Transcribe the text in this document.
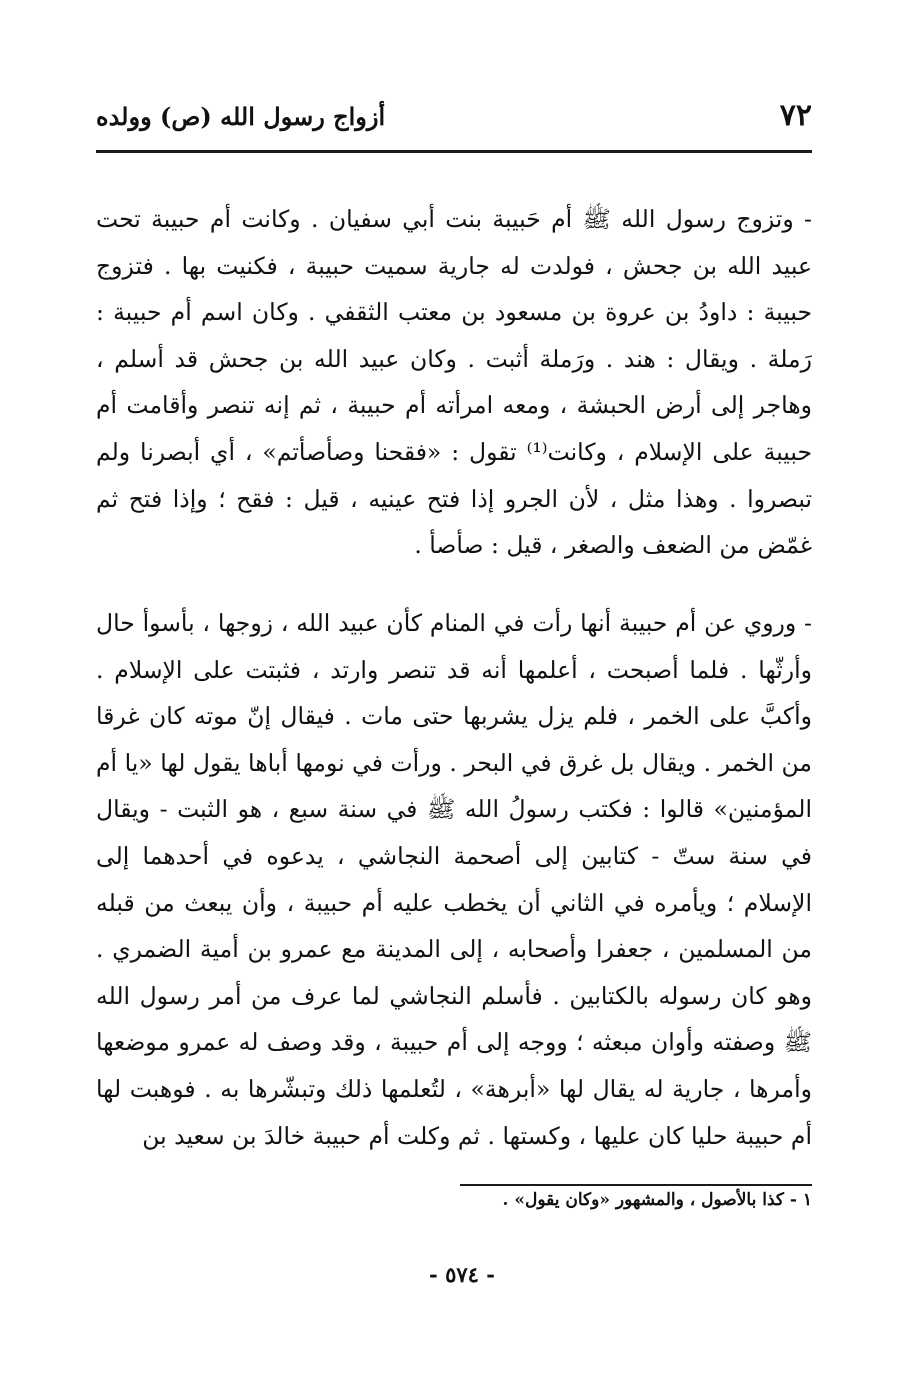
٧٢
أزواج رسول الله (ص) وولده

- وتزوج رسول الله ﷺ أم حَبيبة بنت أبي سفيان . وكانت أم حبيبة تحت عبيد الله بن جحش ، فولدت له جارية سميت حبيبة ، فكنيت بها . فتزوج حبيبة : داودُ بن عروة بن مسعود بن معتب الثقفي . وكان اسم أم حبيبة : رَملة . ويقال : هند . ورَملة أثبت . وكان عبيد الله بن جحش قد أسلم ، وهاجر إلى أرض الحبشة ، ومعه امرأته أم حبيبة ، ثم إنه تنصر وأقامت أم حبيبة على الإسلام ، وكانت⁽¹⁾ تقول : «فقحنا وصأصأتم» ، أي أبصرنا ولم تبصروا . وهذا مثل ، لأن الجرو إذا فتح عينيه ، قيل : فقح ؛ وإذا فتح ثم غمّض من الضعف والصغر ، قيل : صأصأ .

- وروي عن أم حبيبة أنها رأت في المنام كأن عبيد الله ، زوجها ، بأسوأ حال وأرثّها . فلما أصبحت ، أعلمها أنه قد تنصر وارتد ، فثبتت على الإسلام . وأكبَّ على الخمر ، فلم يزل يشربها حتى مات . فيقال إنّ موته كان غرقا من الخمر . ويقال بل غرق في البحر . ورأت في نومها أباها يقول لها «يا أم المؤمنين» قالوا : فكتب رسولُ الله ﷺ في سنة سبع ، هو الثبت - ويقال في سنة ستّ - كتابين إلى أصحمة النجاشي ، يدعوه في أحدهما إلى الإسلام ؛ ويأمره في الثاني أن يخطب عليه أم حبيبة ، وأن يبعث من قبله من المسلمين ، جعفرا وأصحابه ، إلى المدينة مع عمرو بن أمية الضمري . وهو كان رسوله بالكتابين . فأسلم النجاشي لما عرف من أمر رسول الله ﷺ وصفته وأوان مبعثه ؛ ووجه إلى أم حبيبة ، وقد وصف له عمرو موضعها وأمرها ، جارية له يقال لها «أبرهة» ، لتُعلمها ذلك وتبشّرها به . فوهبت لها أم حبيبة حليا كان عليها ، وكستها . ثم وكلت أم حبيبة خالدَ بن سعيد بن

١ - كذا بالأصول ، والمشهور «وكان يقول» .
- ٥٧٤ -
